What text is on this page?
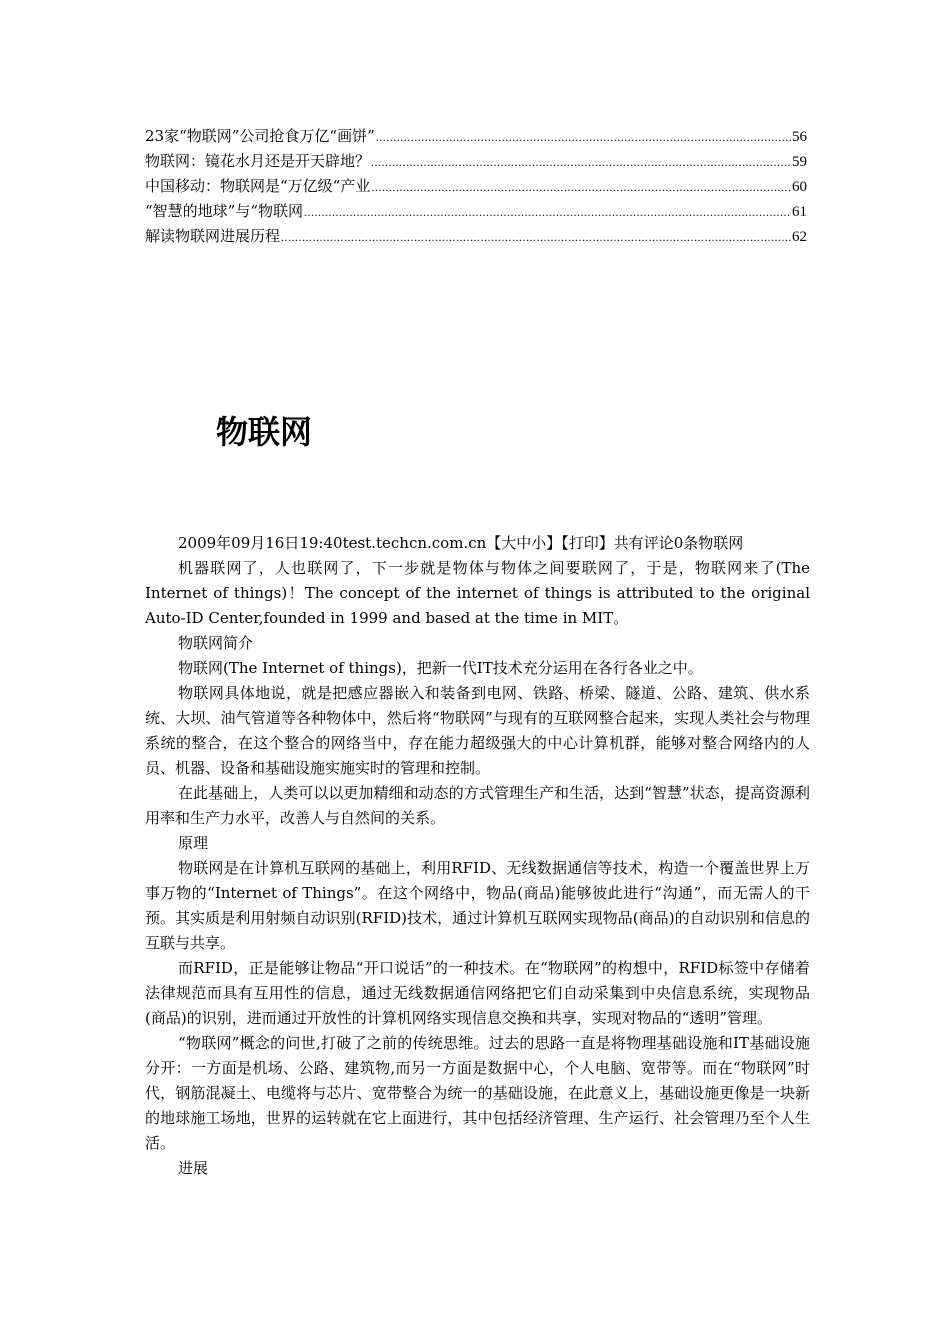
23家“物联网”公司抢食万亿“画饼” .....	56
物联网：镜花水月还是开天辟地？ .....	59
中国移动：物联网是“万亿级“产业 .....	60
“智慧的地球”与“物联网 .....	61
解读物联网进展历程 .....	62
物联网

2009年09月16日19:40test.techcn.com.cn【大中小】【打印】共有评论0条物联网

机器联网了，人也联网了，下一步就是物体与物体之间要联网了，于是，物联网来了(The Internet of things)！The concept of the internet of things is attributed to the original Auto-ID Center,founded in 1999 and based at the time in MIT。

物联网简介

物联网(The Internet of things)，把新一代IT技术充分运用在各行各业之中。

物联网具体地说，就是把感应器嵌入和装备到电网、铁路、桥梁、隧道、公路、建筑、供水系统、大坝、油气管道等各种物体中，然后将“物联网”与现有的互联网整合起来，实现人类社会与物理系统的整合，在这个整合的网络当中，存在能力超级强大的中心计算机群，能够对整合网络内的人员、机器、设备和基础设施实施实时的管理和控制。

在此基础上，人类可以以更加精细和动态的方式管理生产和生活，达到“智慧”状态，提高资源利用率和生产力水平，改善人与自然间的关系。

原理

物联网是在计算机互联网的基础上，利用RFID、无线数据通信等技术，构造一个覆盖世界上万事万物的“Internet of Things”。在这个网络中，物品(商品)能够彼此进行“沟通”，而无需人的干预。其实质是利用射频自动识别(RFID)技术，通过计算机互联网实现物品(商品)的自动识别和信息的互联与共享。

而RFID，正是能够让物品“开口说话”的一种技术。在“物联网”的构想中，RFID标签中存储着法律规范而具有互用性的信息，通过无线数据通信网络把它们自动采集到中央信息系统，实现物品(商品)的识别，进而通过开放性的计算机网络实现信息交换和共享，实现对物品的“透明”管理。

“物联网”概念的问世,打破了之前的传统思维。过去的思路一直是将物理基础设施和IT基础设施分开：一方面是机场、公路、建筑物,而另一方面是数据中心，个人电脑、宽带等。而在“物联网”时代，钢筋混凝土、电缆将与芯片、宽带整合为统一的基础设施，在此意义上，基础设施更像是一块新的地球施工场地，世界的运转就在它上面进行，其中包括经济管理、生产运行、社会管理乃至个人生活。

进展
